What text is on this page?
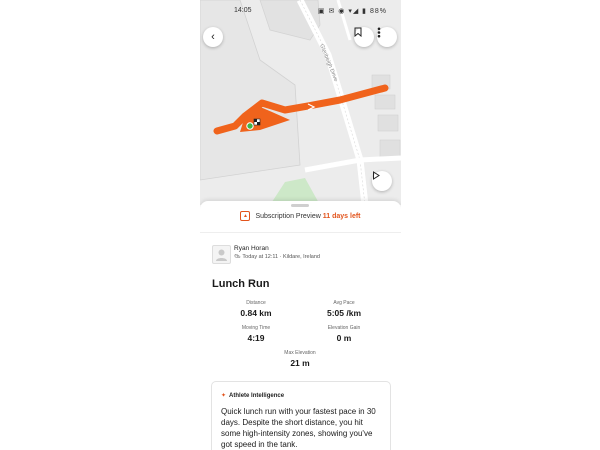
Glenbeigh Drive
14:05	▣ ✉ ◉ ▾◢ ▮ 88%
‹
▲ Subscription Preview 11 days left
Ryan Horan
👟︎ Today at 12:11 · Kildare, Ireland
Lunch Run
Distance
0.84 km
Avg Pace
5:05 /km
Moving Time
4:19
Elevation Gain
0 m
Max Elevation
21 m
✦ Athlete Intelligence
Quick lunch run with your fastest pace in 30 days. Despite the short distance, you hit some high-intensity zones, showing you've got speed in the tank.
